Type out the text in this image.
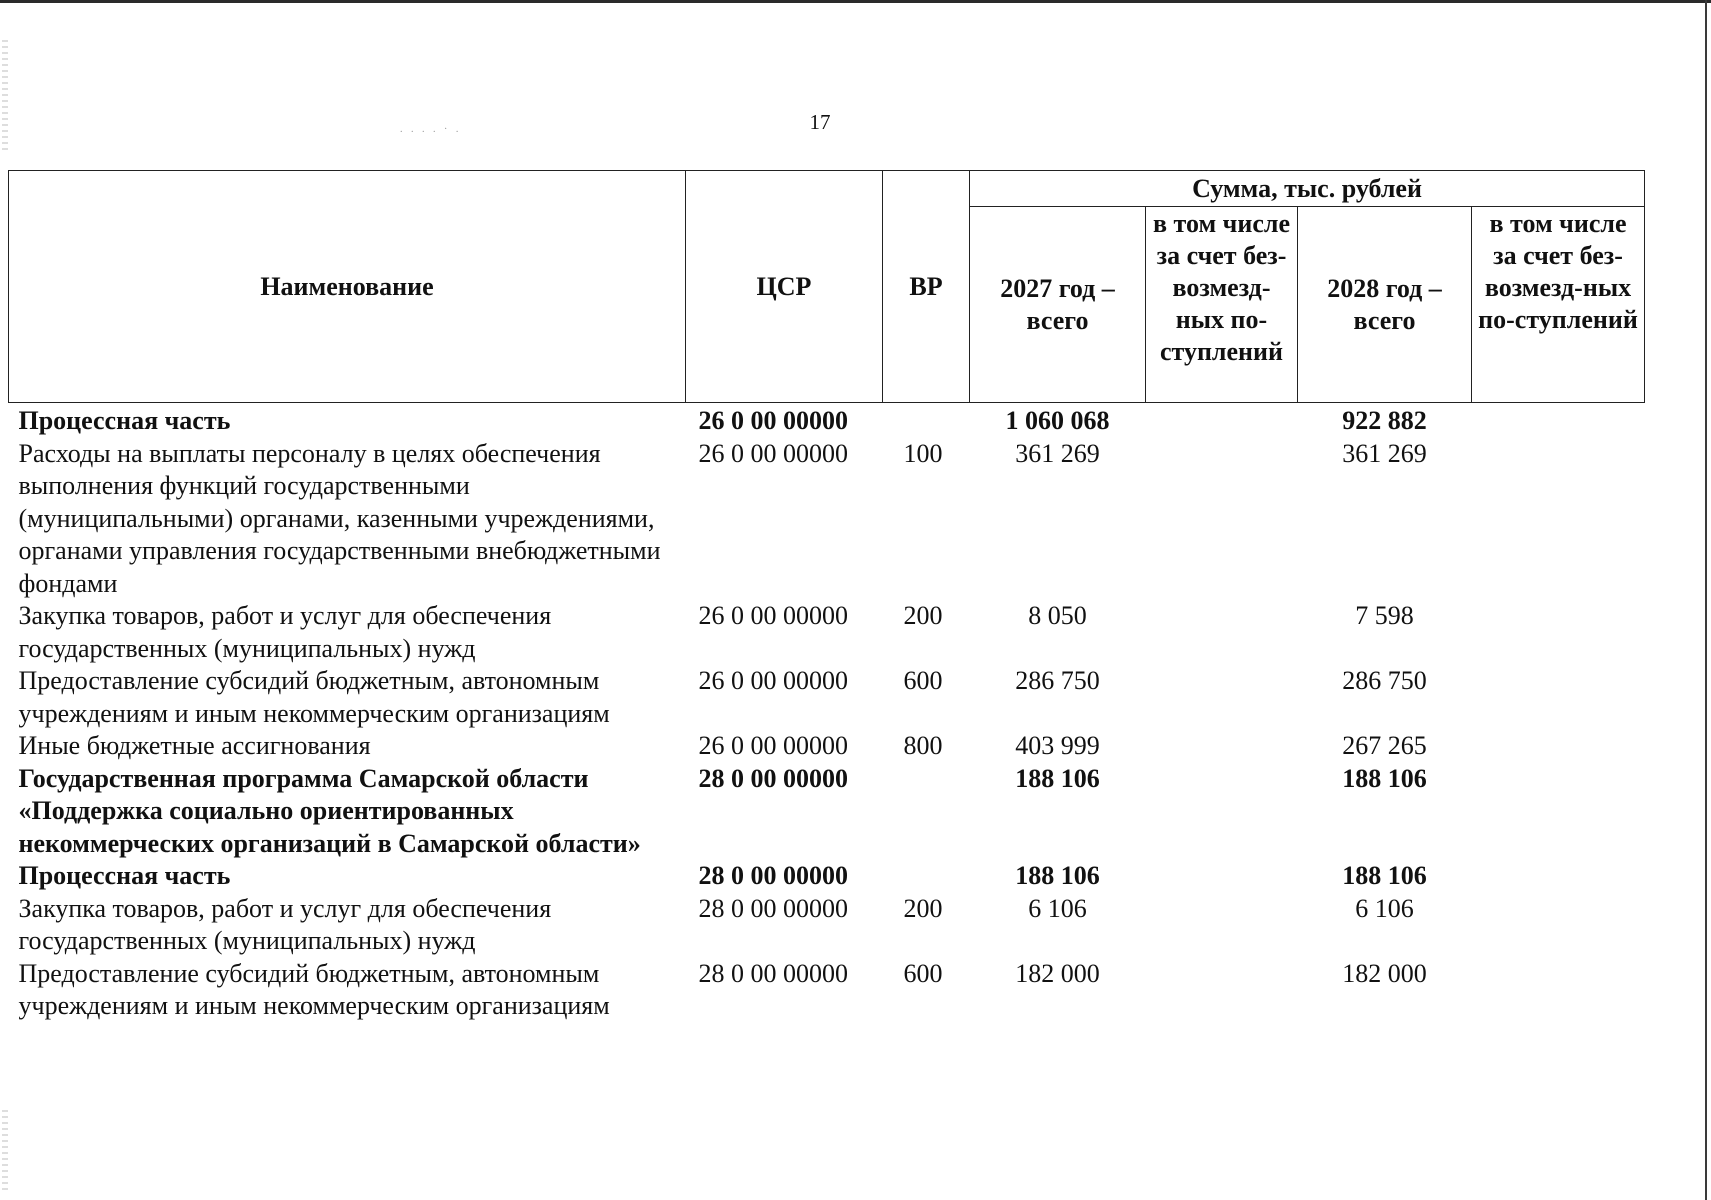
. . . . · .	17
Наименование	ЦСР	ВР	Сумма, тыс. рублей			
			2027 год – всего	в том числе за счет без-возмезд-ных по-ступлений	2028 год – всего	в том числе за счет без-возмезд-ных по-ступлений
Процессная часть	26 0 00 00000		1 060 068		922 882	
Расходы на выплаты персоналу в целях обеспечения выполнения функций государственными (муниципальными) органами, казенными учреждениями, органами управления государственными внебюджетными фондами	26 0 00 00000	100	361 269		361 269	
Закупка товаров, работ и услуг для обеспечения государственных (муниципальных) нужд	26 0 00 00000	200	8 050		7 598	
Предоставление субсидий бюджетным, автономным учреждениям и иным некоммерческим организациям	26 0 00 00000	600	286 750		286 750	
Иные бюджетные ассигнования	26 0 00 00000	800	403 999		267 265	
Государственная программа Самарской области «Поддержка социально ориентированных некоммерческих организаций в Самарской области»	28 0 00 00000		188 106		188 106	
Процессная часть	28 0 00 00000		188 106		188 106	
Закупка товаров, работ и услуг для обеспечения государственных (муниципальных) нужд	28 0 00 00000	200	6 106		6 106	
Предоставление субсидий бюджетным, автономным учреждениям и иным некоммерческим организациям	28 0 00 00000	600	182 000		182 000	
